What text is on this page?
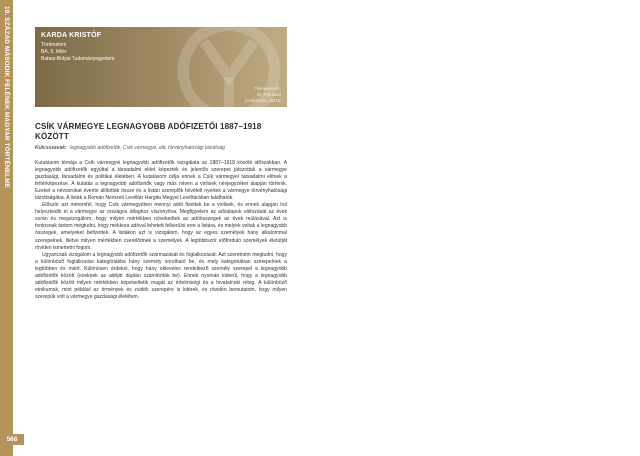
19. SZÁZAD MÁSODIK FELÉNEK MAGYAR TÖRTÉNELME
568
KARDA KRISTÓF
Történelem
BA, 5. félév
Babeș-Bolyai Tudományegyetem
Témavezető:
dr. Pál Judit
professzor, BBTE
CSÍK VÁRMEGYE LEGNAGYOBB ADÓFIZETŐI 1887–1918 KÖZÖTT
Kulcsszavak: legnagyobb adófizetők, Csík vármegye, elit, törvényhatósági bizottság

Kutatásom témája a Csík vármegyei legnagyobb adófizetők vizsgálata az 1887–1918 közötti időszakban. A legnagyobb adófizetők egyúttal a társadalmi elitet képezték és jelentős szerepet játszottak a vármegye gazdasági, társadalmi és politikai életében. A kutatásom célja ennek a Csík vármegyei társadalmi elitnek a feltérképezése. A kutatás a legnagyobb adófizetők vagy más néven a virilisek névjegyzékei alapján történik. Ezeket a névsorokat évente állították össze és a listán szereplők felvételt nyertek a vármegye törvényhatósági bizottságába. A listák a Román Nemzeti Levéltár Hargita Megyei Levéltárában találhatók.

Először azt méremfel, hogy Csík vármegyében mennyi adót fizettek be a virilisek, és ennek alapján hol helyezkedik el a vármegye az országos átlaghoz viszonyítva. Megfigyelem az adóalapok változását az évek során és megvizsgálom, hogy milyen mértékben növekedtek az adóösszegek az évek múlásával. Azt is fontosnak tartom megtudni, hogy mekkora adóval lehetett felkerülni erre a listára, és melyek voltak a legnagyobb összegek, amelyeket befizettek. A listákon azt is vizsgálom, hogy az egyes személyek hány alkalommal szerepelnek, illetve milyen mértékben cserélődnek a személyek. A legtöbbször előforduló személyek életútját röviden ismertetni fogom.

Ugyancsak vizsgálom a legnagyobb adófizetők származását és foglalkozását. Azt szeretném megtudni, hogy a különböző foglalkozási kategóriákba hány személy sorolható be, és mely kategóriában szerepelnek a legtöbben és miért. Különösen érdekel, hogy hány okleveles rendelkező személy szerepel a legnagyobb adófizetők között (ezeknek az adóját duplán számították be). Ennek nyomán kiderül, hogy a legnagyobb adófizetők között milyen mértékben képviseltetik magát az értelmiségi és a hivatalnoki réteg. A különböző etnikumok, mint például az örmények és zsidók szerepére is kitérek, és röviden bemutatom, hogy milyen szerepük volt a vármegye gazdasági életében.
